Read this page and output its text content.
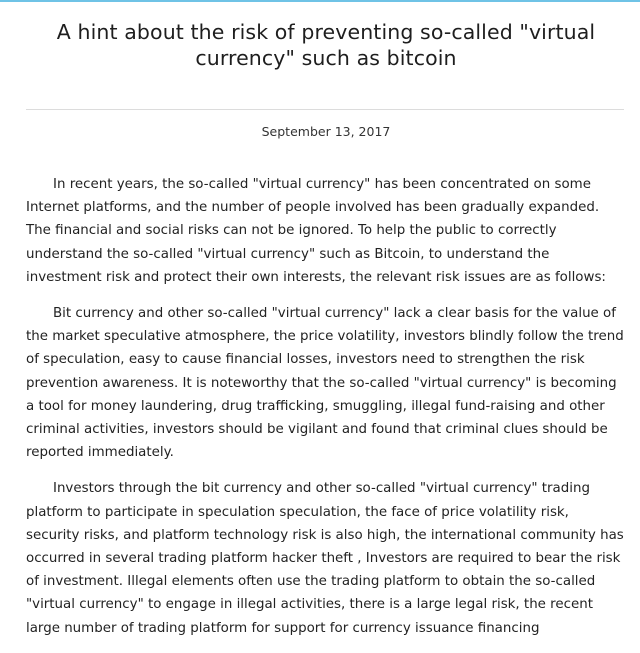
A hint about the risk of preventing so-called "virtual currency" such as bitcoin
September 13, 2017

In recent years, the so-called "virtual currency" has been concentrated on some Internet platforms, and the number of people involved has been gradually expanded. The financial and social risks can not be ignored. To help the public to correctly understand the so-called "virtual currency" such as Bitcoin, to understand the investment risk and protect their own interests, the relevant risk issues are as follows:

Bit currency and other so-called "virtual currency" lack a clear basis for the value of the market speculative atmosphere, the price volatility, investors blindly follow the trend of speculation, easy to cause financial losses, investors need to strengthen the risk prevention awareness. It is noteworthy that the so-called "virtual currency" is becoming a tool for money laundering, drug trafficking, smuggling, illegal fund-raising and other criminal activities, investors should be vigilant and found that criminal clues should be reported immediately.

Investors through the bit currency and other so-called "virtual currency" trading platform to participate in speculation speculation, the face of price volatility risk, security risks, and platform technology risk is also high, the international community has occurred in several trading platform hacker theft , Investors are required to bear the risk of investment. Illegal elements often use the trading platform to obtain the so-called "virtual currency" to engage in illegal activities, there is a large legal risk, the recent large number of trading platform for support for currency issuance financing
